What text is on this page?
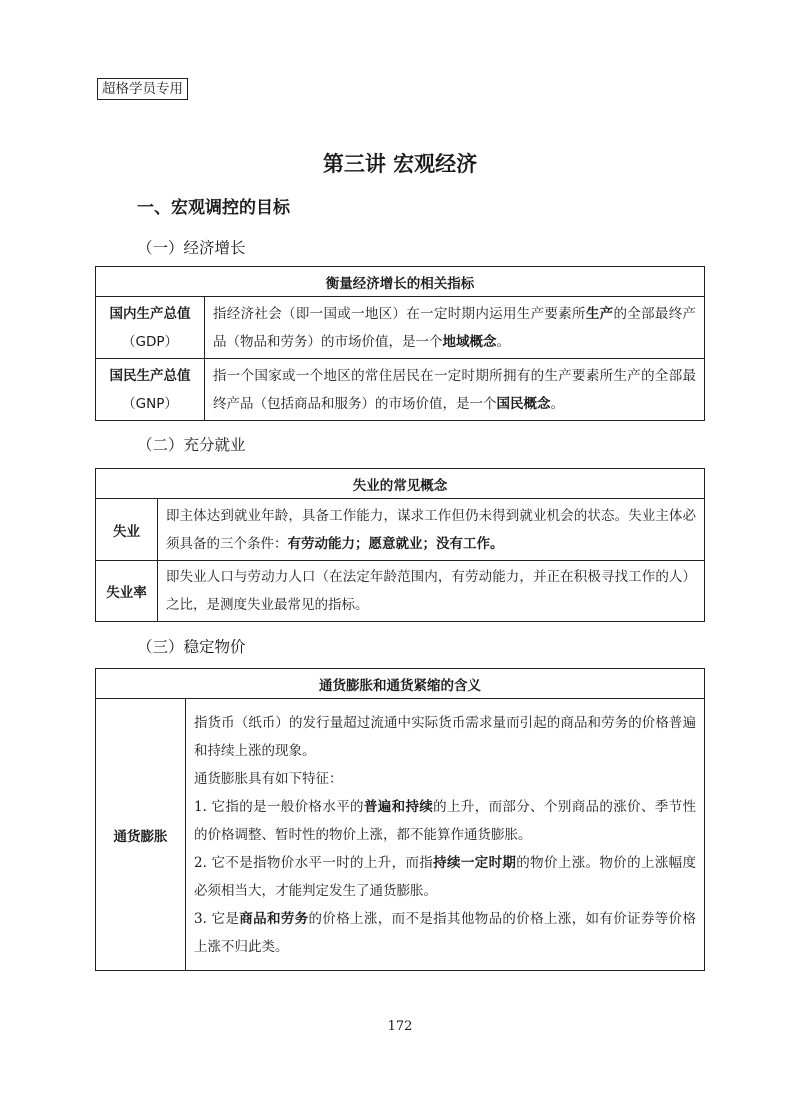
超格学员专用
第三讲 宏观经济
一、宏观调控的目标
（一）经济增长
衡量经济增长的相关指标	

国内生产总值
（GDP）	指经济社会（即一国或一地区）在一定时期内运用生产要素所生产的全部最终产品（物品和劳务）的市场价值，是一个地域概念。

国民生产总值
（GNP）	指一个国家或一个地区的常住居民在一定时期所拥有的生产要素所生产的全部最终产品（包括商品和服务）的市场价值，是一个国民概念。
（二）充分就业
失业的常见概念	
失业	即主体达到就业年龄，具备工作能力，谋求工作但仍未得到就业机会的状态。失业主体必须具备的三个条件：有劳动能力；愿意就业；没有工作。
失业率	即失业人口与劳动力人口（在法定年龄范围内，有劳动能力，并正在积极寻找工作的人）之比，是测度失业最常见的指标。
（三）稳定物价
通货膨胀和通货紧缩的含义
通货膨胀	

指货币（纸币）的发行量超过流通中实际货币需求量而引起的商品和劳务的价格普遍和持续上涨的现象。

通货膨胀具有如下特征：

1. 它指的是一般价格水平的普遍和持续的上升，而部分、个别商品的涨价、季节性的价格调整、暂时性的物价上涨，都不能算作通货膨胀。

2. 它不是指物价水平一时的上升，而指持续一定时期的物价上涨。物价的上涨幅度必须相当大，才能判定发生了通货膨胀。

3. 它是商品和劳务的价格上涨，而不是指其他物品的价格上涨，如有价证券等价格上涨不归此类。

172
